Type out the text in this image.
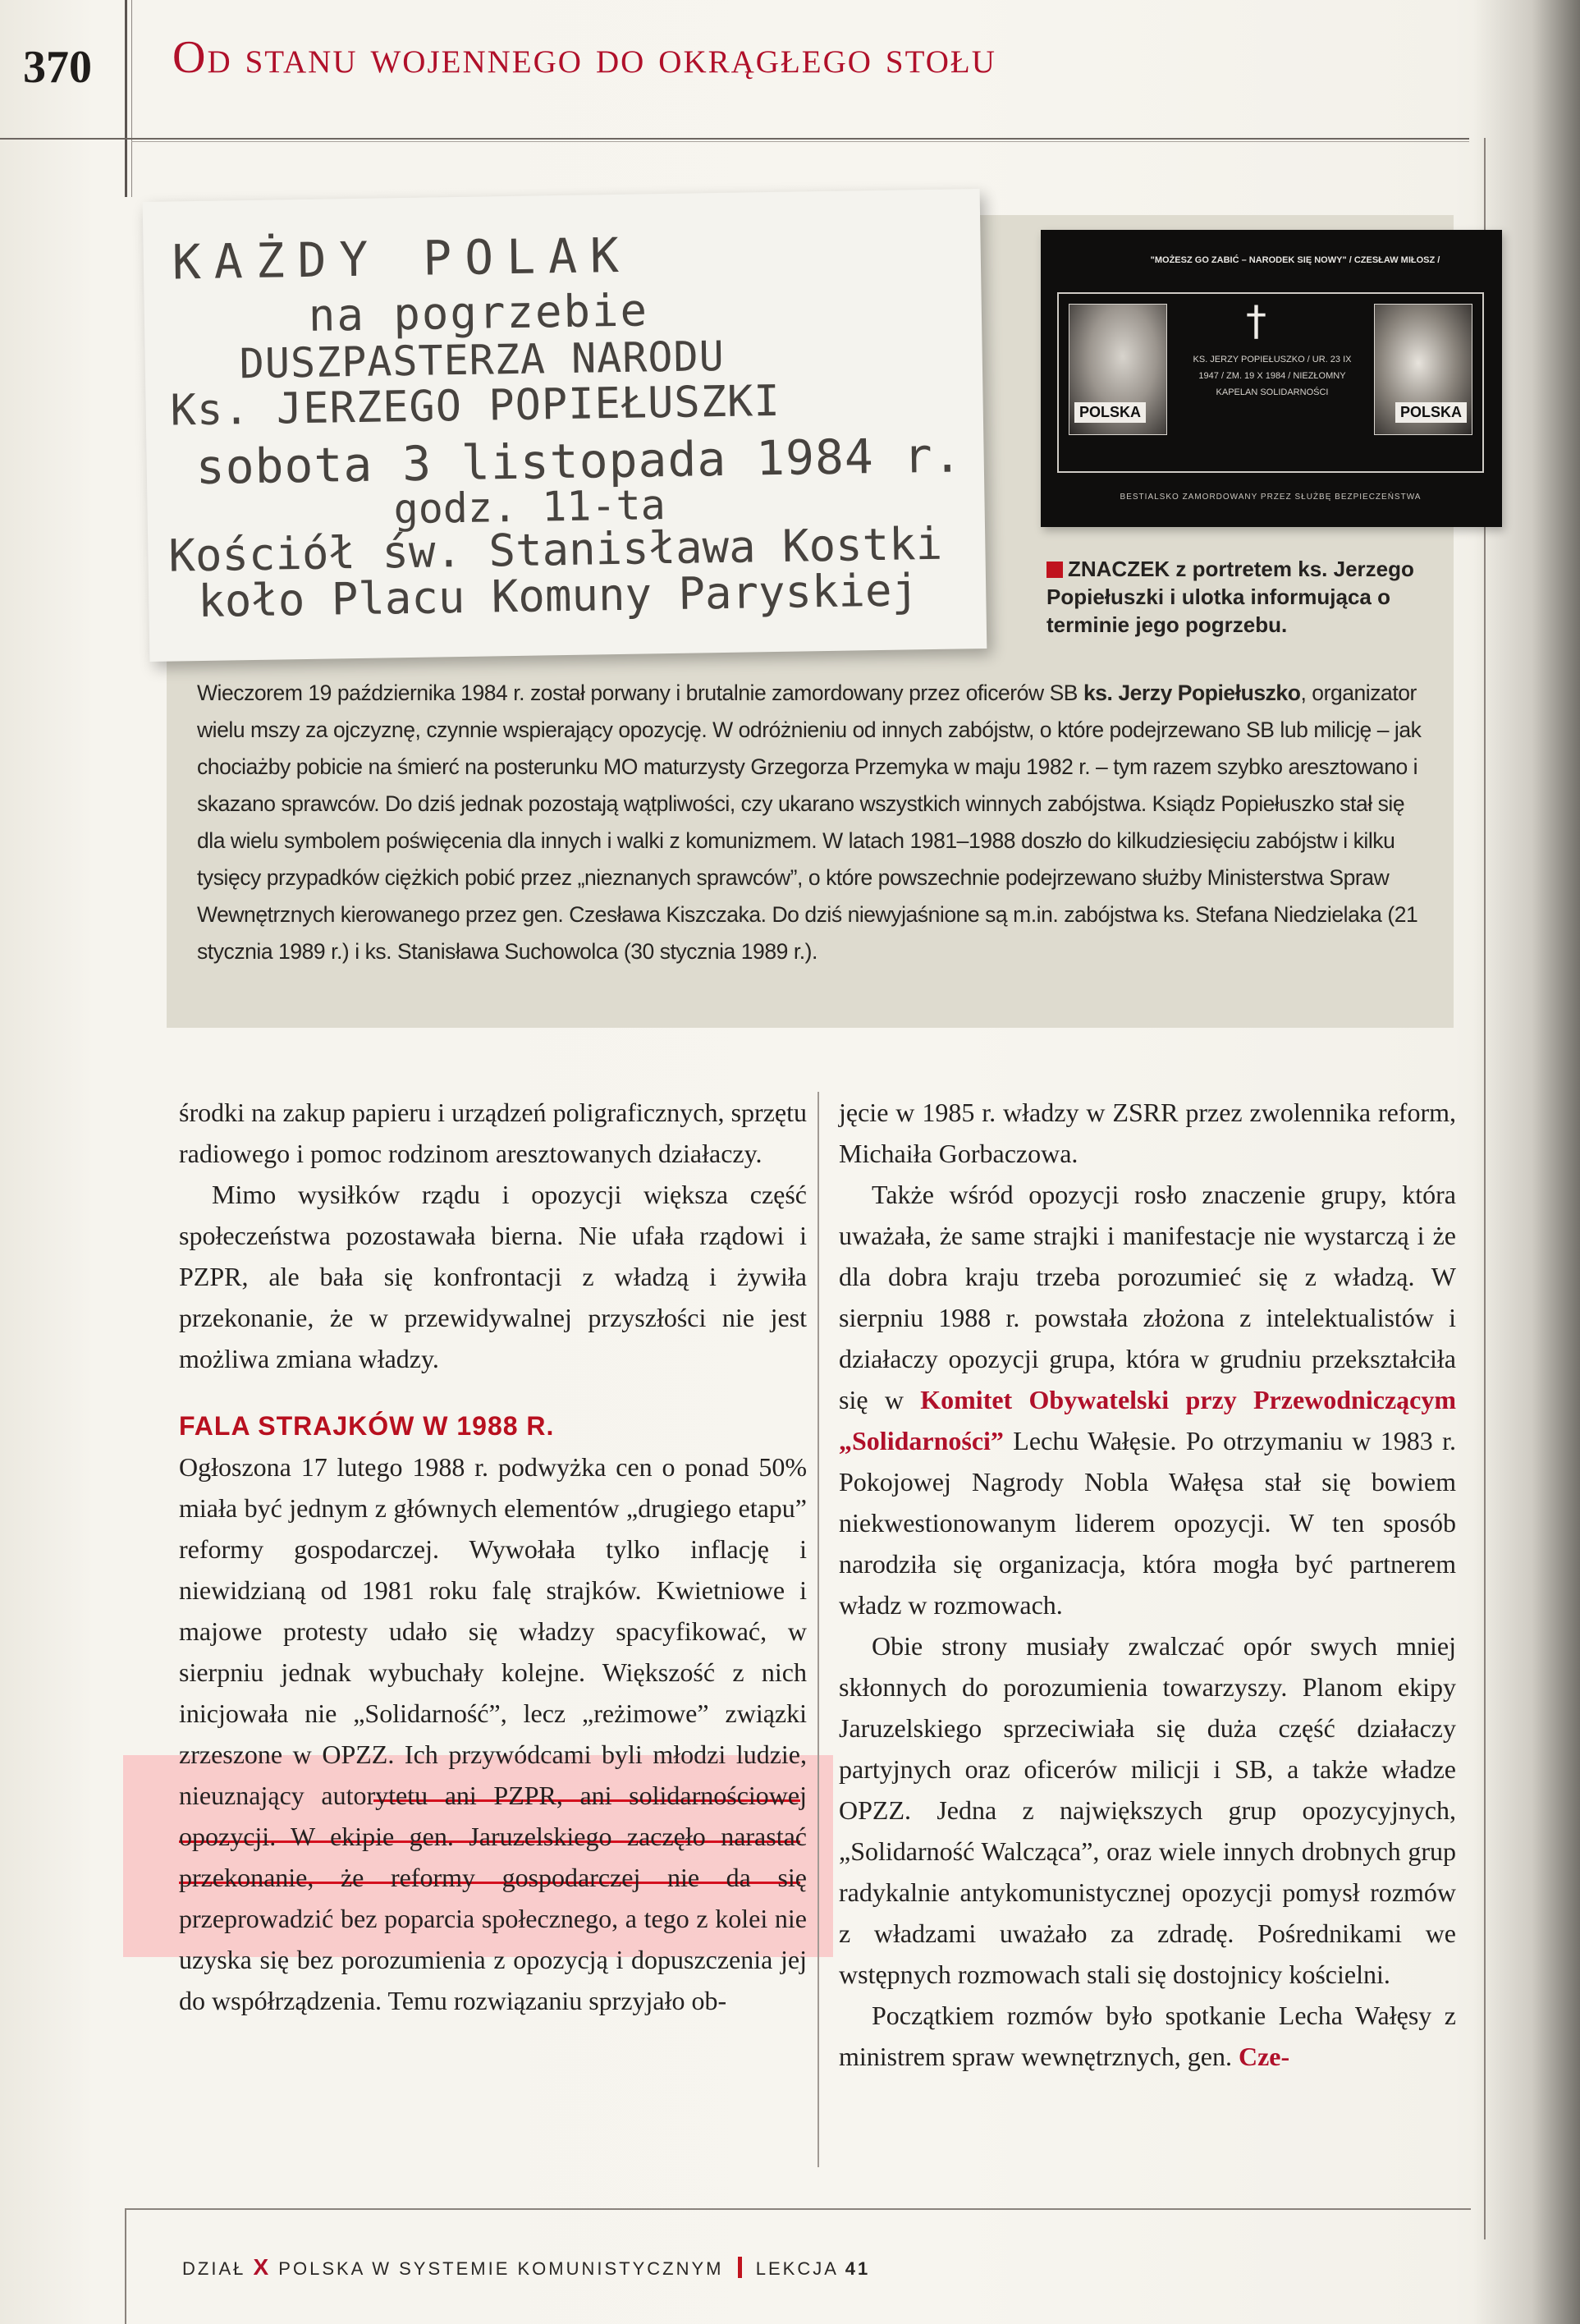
370 Od stanu wojennego do okrągłego stołu
KAŻDY POLAK
na pogrzebie
DUSZPASTERZA NARODU
Ks. JERZEGO POPIEŁUSZKI
sobota 3 listopada 1984 r.
godz. 11-ta
Kościół św. Stanisława Kostki
koło Placu Komuny Paryskiej
"MOŻESZ GO ZABIĆ – NARODEK SIĘ NOWY" / CZESŁAW MIŁOSZ /
POLSKA
†
KS. JERZY POPIEŁUSZKO / UR. 23 IX 1947 / ZM. 19 X 1984 / NIEZŁOMNY KAPELAN SOLIDARNOŚCI
POLSKA
BESTIALSKO ZAMORDOWANY PRZEZ SŁUŻBĘ BEZPIECZEŃSTWA
ZNACZEK z portretem ks. Jerzego Popiełuszki i ulotka informująca o terminie jego pogrzebu.
Wieczorem 19 października 1984 r. został porwany i brutalnie zamordowany przez oficerów SB ks. Jerzy Popiełuszko, organizator wielu mszy za ojczyznę, czynnie wspierający opozycję. W odróżnieniu od innych zabójstw, o które podejrzewano SB lub milicję – jak chociażby pobicie na śmierć na posterunku MO maturzysty Grzegorza Przemyka w maju 1982 r. – tym razem szybko aresztowano i skazano sprawców. Do dziś jednak pozostają wątpliwości, czy ukarano wszystkich winnych zabójstwa. Ksiądz Popiełuszko stał się dla wielu symbolem poświęcenia dla innych i walki z komunizmem. W latach 1981–1988 doszło do kilkudziesięciu zabójstw i kilku tysięcy przypadków ciężkich pobić przez „nieznanych sprawców”, o które powszechnie podejrzewano służby Ministerstwa Spraw Wewnętrznych kierowanego przez gen. Czesława Kiszczaka. Do dziś niewyjaśnione są m.in. zabójstwa ks. Stefana Niedzielaka (21 stycznia 1989 r.) i ks. Stanisława Suchowolca (30 stycznia 1989 r.).

środki na zakup papieru i urządzeń poligraficznych, sprzętu radiowego i pomoc rodzinom aresztowanych działaczy.

Mimo wysiłków rządu i opozycji większa część społeczeństwa pozostawała bierna. Nie ufała rządowi i PZPR, ale bała się konfrontacji z władzą i żywiła przekonanie, że w przewidywalnej przyszłości nie jest możliwa zmiana władzy.

FALA STRAJKÓW W 1988 R.

Ogłoszona 17 lutego 1988 r. podwyżka cen o ponad 50% miała być jednym z głównych elementów „drugiego etapu” reformy gospodarczej. Wywołała tylko inflację i niewidzianą od 1981 roku falę strajków. Kwietniowe i majowe protesty udało się władzy spacyfikować, w sierpniu jednak wybuchały kolejne. Większość z nich inicjowała nie „Solidarność”, lecz „reżimowe” związki zrzeszone w OPZZ. Ich przywódcami byli młodzi ludzie, nieuznający autorytetu ani PZPR, ani solidarnościowej opozycji. W ekipie gen. Jaruzelskiego zaczęło narastać przekonanie, że reformy gospodarczej nie da się przeprowadzić bez poparcia społecznego, a tego z kolei nie uzyska się bez porozumienia z opozycją i dopuszczenia jej do współrządzenia. Temu rozwiązaniu sprzyjało ob-

jęcie w 1985 r. władzy w ZSRR przez zwolennika reform, Michaiła Gorbaczowa.

Także wśród opozycji rosło znaczenie grupy, która uważała, że same strajki i manifestacje nie wystarczą i że dla dobra kraju trzeba porozumieć się z władzą. W sierpniu 1988 r. powstała złożona z intelektualistów i działaczy opozycji grupa, która w grudniu przekształciła się w Komitet Obywatelski przy Przewodniczącym „Solidarności” Lechu Wałęsie. Po otrzymaniu w 1983 r. Pokojowej Nagrody Nobla Wałęsa stał się bowiem niekwestionowanym liderem opozycji. W ten sposób narodziła się organizacja, która mogła być partnerem władz w rozmowach.

Obie strony musiały zwalczać opór swych mniej skłonnych do porozumienia towarzyszy. Planom ekipy Jaruzelskiego sprzeciwiała się duża część działaczy partyjnych oraz oficerów milicji i SB, a także władze OPZZ. Jedna z największych grup opozycyjnych, „Solidarność Walcząca”, oraz wiele innych drobnych grup radykalnie antykomunistycznej opozycji pomysł rozmów z władzami uważało za zdradę. Pośrednikami we wstępnych rozmowach stali się dostojnicy kościelni.

Początkiem rozmów było spotkanie Lecha Wałęsy z ministrem spraw wewnętrznych, gen. Cze-

DZIAŁ X POLSKA W SYSTEMIE KOMUNISTYCZNYM LEKCJA 41
